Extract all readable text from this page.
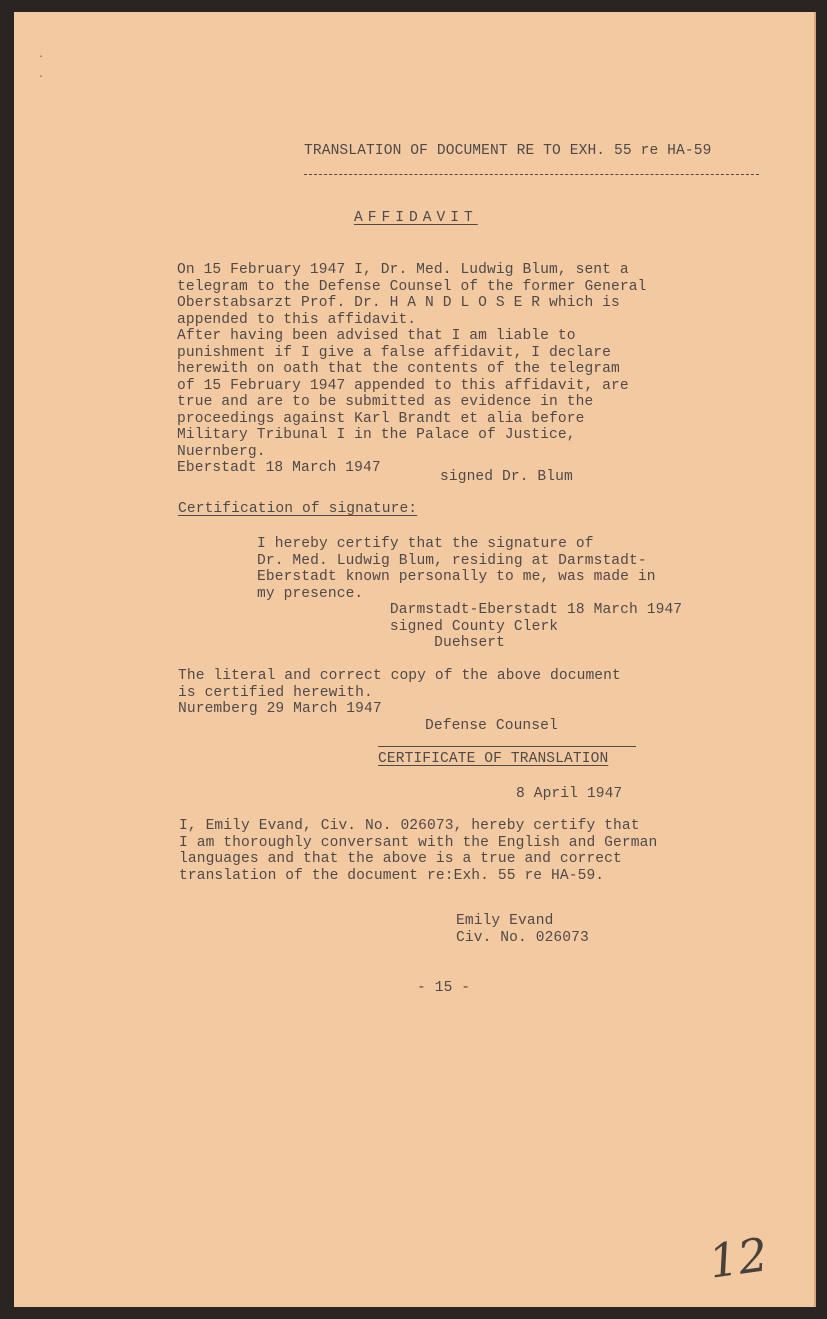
.
.
TRANSLATION OF DOCUMENT RE TO EXH. 55 re HA-59
AFFIDAVIT
On 15 February 1947 I, Dr. Med. Ludwig Blum, sent a
telegram to the Defense Counsel of the former General
Oberstabsarzt Prof. Dr. H A N D L O S E R which is
appended to this affidavit.
After having been advised that I am liable to
punishment if I give a false affidavit, I declare
herewith on oath that the contents of the telegram
of 15 February 1947 appended to this affidavit, are
true and are to be submitted as evidence in the
proceedings against Karl Brandt et alia before
Military Tribunal I in the Palace of Justice,
Nuernberg.
Eberstadt 18 March 1947
signed Dr. Blum
Certification of signature:
I hereby certify that the signature of
Dr. Med. Ludwig Blum, residing at Darmstadt-
Eberstadt known personally to me, was made in
my presence.
Darmstadt-Eberstadt 18 March 1947
signed County Clerk
Duehsert
The literal and correct copy of the above document
is certified herewith.
Nuremberg 29 March 1947
Defense Counsel
CERTIFICATE OF TRANSLATION
8 April 1947
I, Emily Evand, Civ. No. 026073, hereby certify that
I am thoroughly conversant with the English and German
languages and that the above is a true and correct
translation of the document re:Exh. 55 re HA-59.
Emily Evand
Civ. No. 026073
- 15 -
12
